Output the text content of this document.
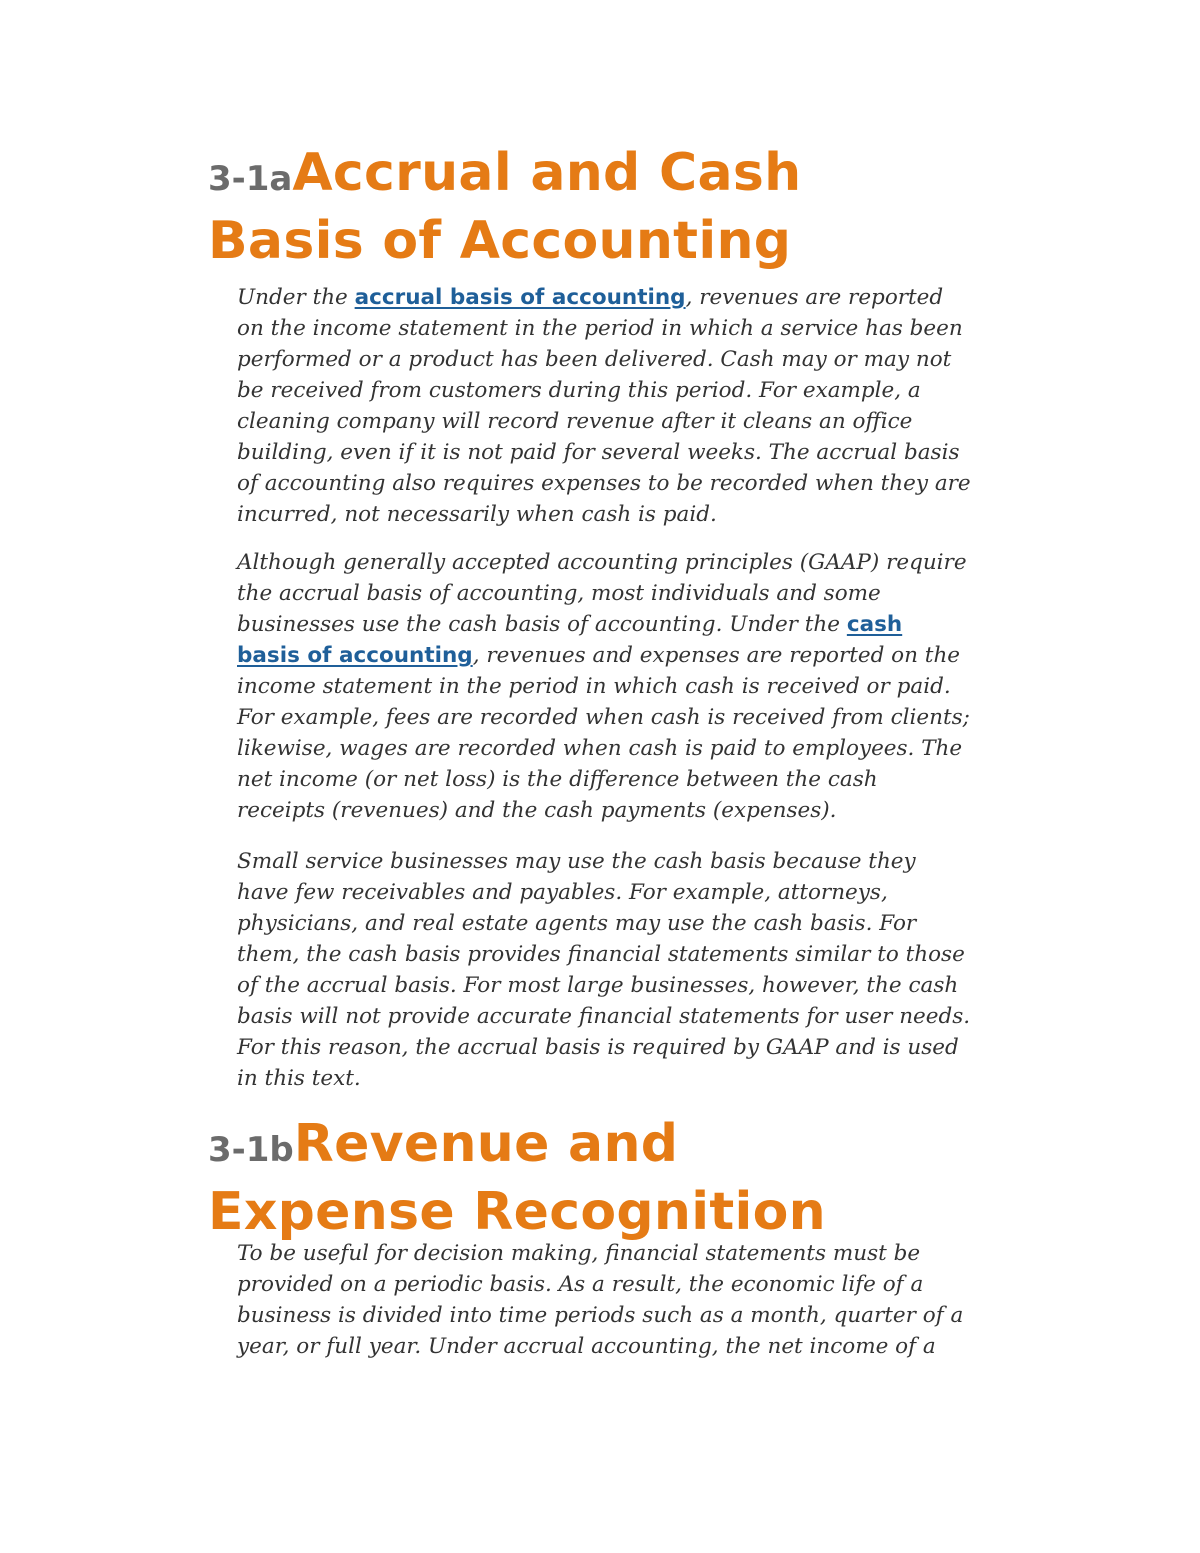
3-1aAccrual and Cash
Basis of Accounting

Under the accrual basis of accounting, revenues are reported on the income statement in the period in which a service has been performed or a product has been delivered. Cash may or may not be received from customers during this period. For example, a cleaning company will record revenue after it cleans an office building, even if it is not paid for several weeks. The accrual basis of accounting also requires expenses to be recorded when they are incurred, not necessarily when cash is paid.

Although generally accepted accounting principles (GAAP) require the accrual basis of accounting, most individuals and some businesses use the cash basis of accounting. Under the cash basis of accounting, revenues and expenses are reported on the income statement in the period in which cash is received or paid. For example, fees are recorded when cash is received from clients; likewise, wages are recorded when cash is paid to employees. The net income (or net loss) is the difference between the cash receipts (revenues) and the cash payments (expenses).

Small service businesses may use the cash basis because they have few receivables and payables. For example, attorneys, physicians, and real estate agents may use the cash basis. For them, the cash basis provides financial statements similar to those of the accrual basis. For most large businesses, however, the cash basis will not provide accurate financial statements for user needs. For this reason, the accrual basis is required by GAAP and is used in this text.

3-1bRevenue and
Expense Recognition

To be useful for decision making, financial statements must be provided on a periodic basis. As a result, the economic life of a business is divided into time periods such as a month, quarter of a year, or full year. Under accrual accounting, the net income of a
